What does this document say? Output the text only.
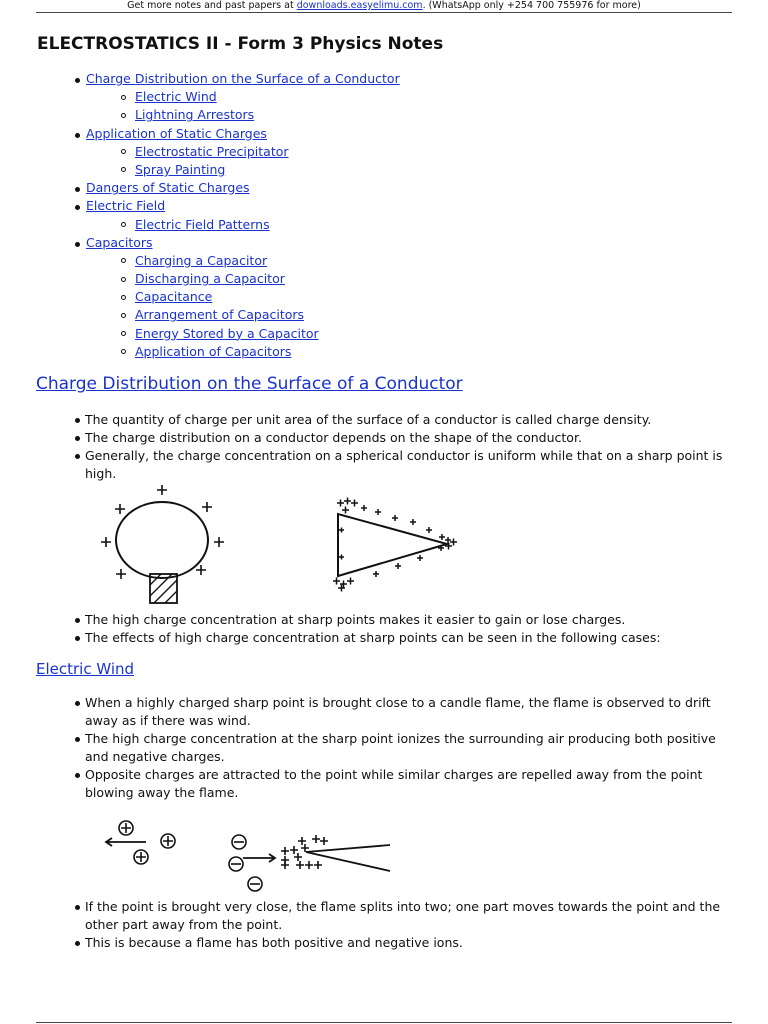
Get more notes and past papers at downloads.easyelimu.com. (WhatsApp only +254 700 755976 for more)
ELECTROSTATICS II - Form 3 Physics Notes
Charge Distribution on the Surface of a Conductor
Electric Wind
Lightning Arrestors
Application of Static Charges
Electrostatic Precipitator
Spray Painting
Dangers of Static Charges
Electric Field
Electric Field Patterns
Capacitors
Charging a Capacitor
Discharging a Capacitor
Capacitance
Arrangement of Capacitors
Energy Stored by a Capacitor
Application of Capacitors
Charge Distribution on the Surface of a Conductor
The quantity of charge per unit area of the surface of a conductor is called charge density.
The charge distribution on a conductor depends on the shape of the conductor.
Generally, the charge concentration on a spherical conductor is uniform while that on a sharp point is high.
The high charge concentration at sharp points makes it easier to gain or lose charges.
The effects of high charge concentration at sharp points can be seen in the following cases:
Electric Wind
When a highly charged sharp point is brought close to a candle flame, the flame is observed to drift away as if there was wind.
The high charge concentration at the sharp point ionizes the surrounding air producing both positive and negative charges.
Opposite charges are attracted to the point while similar charges are repelled away from the point blowing away the flame.
If the point is brought very close, the flame splits into two; one part moves towards the point and the other part away from the point.
This is because a flame has both positive and negative ions.
